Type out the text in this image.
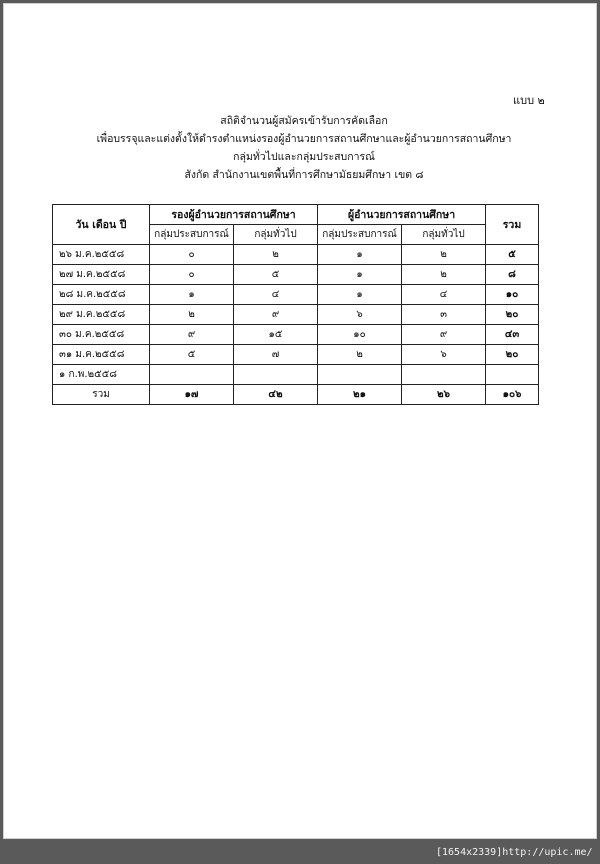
แบบ ๒
สถิติจำนวนผู้สมัครเข้ารับการคัดเลือก
เพื่อบรรจุและแต่งตั้งให้ดำรงตำแหน่งรองผู้อำนวยการสถานศึกษาและผู้อำนวยการสถานศึกษา
กลุ่มทั่วไปและกลุ่มประสบการณ์
สังกัด สำนักงานเขตพื้นที่การศึกษามัธยมศึกษา เขต ๘
วัน เดือน ปี	รองผู้อำนวยการสถานศึกษา		ผู้อำนวยการสถานศึกษา		รวม
	กลุ่มประสบการณ์	กลุ่มทั่วไป	กลุ่มประสบการณ์	กลุ่มทั่วไป	
๒๖ ม.ค.๒๕๕๘	๐	๒	๑	๒	๕
๒๗ ม.ค.๒๕๕๘	๐	๕	๑	๒	๘
๒๘ ม.ค.๒๕๕๘	๑	๔	๑	๔	๑๐
๒๙ ม.ค.๒๕๕๘	๒	๙	๖	๓	๒๐
๓๐ ม.ค.๒๕๕๘	๙	๑๕	๑๐	๙	๔๓
๓๑ ม.ค.๒๕๕๘	๕	๗	๒	๖	๒๐
๑ ก.พ.๒๕๕๘					
รวม	๑๗	๔๒	๒๑	๒๖	๑๐๖
[1654x2339]http://upic.me/
